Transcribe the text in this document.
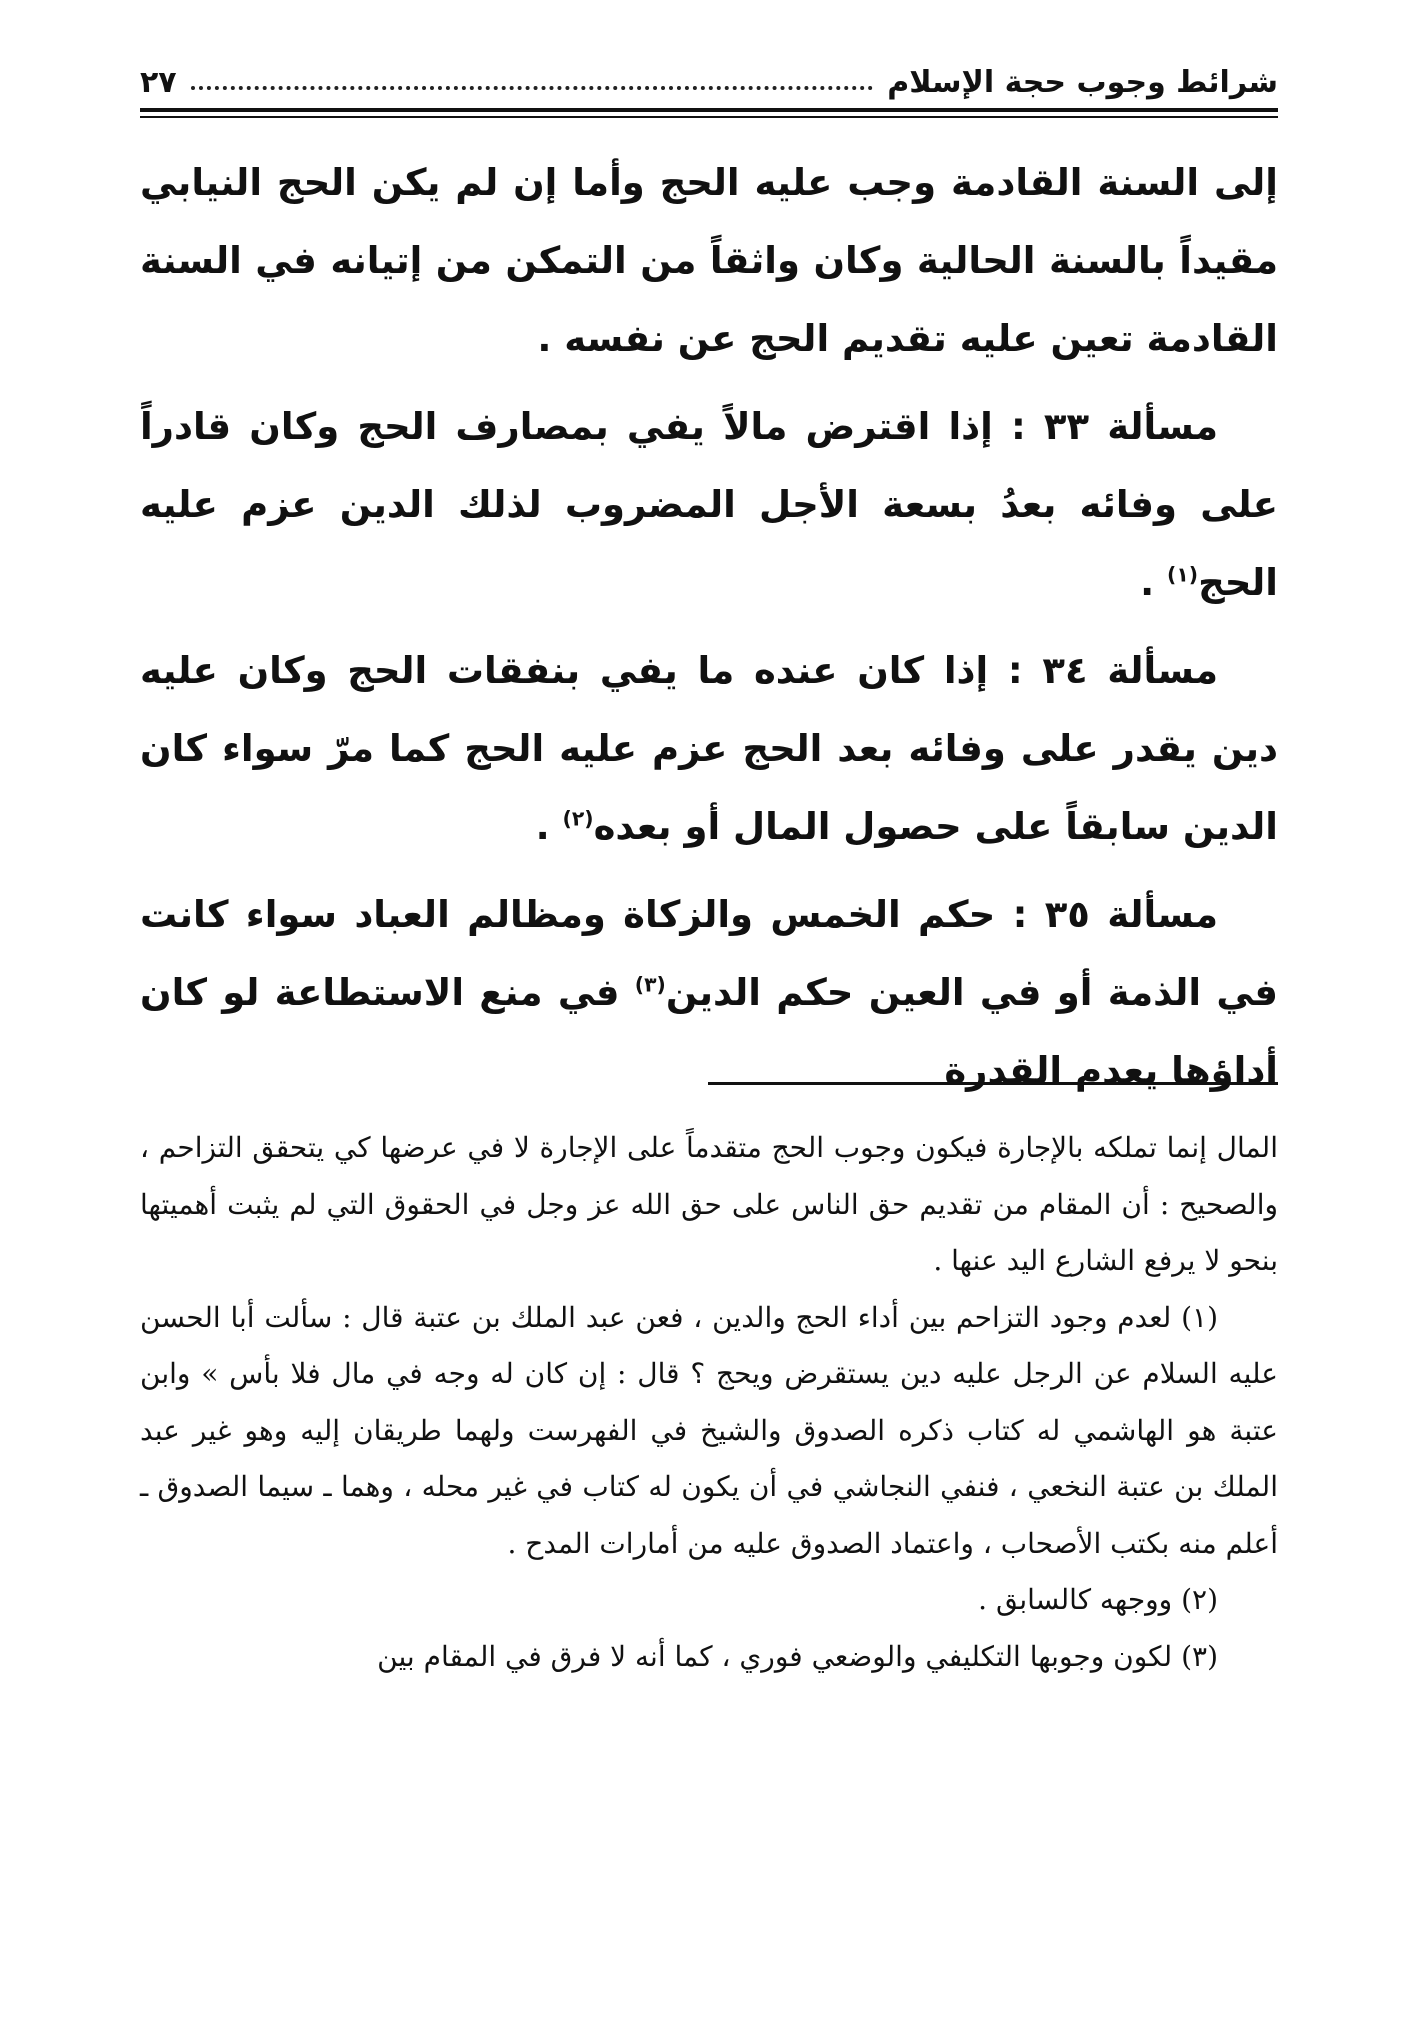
شرائط وجوب حجة الإسلام
٢٧

إلى السنة القادمة وجب عليه الحج وأما إن لم يكن الحج النيابي مقيداً بالسنة الحالية وكان واثقاً من التمكن من إتيانه في السنة القادمة تعين عليه تقديم الحج عن نفسه .

مسألة ٣٣ : إذا اقترض مالاً يفي بمصارف الحج وكان قادراً على وفائه بعدُ بسعة الأجل المضروب لذلك الدين عزم عليه الحج$^{(١)}$ .

مسألة ٣٤ : إذا كان عنده ما يفي بنفقات الحج وكان عليه دين يقدر على وفائه بعد الحج عزم عليه الحج كما مرّ سواء كان الدين سابقاً على حصول المال أو بعده$^{(٢)}$ .

مسألة ٣٥ : حكم الخمس والزكاة ومظالم العباد سواء كانت في الذمة أو في العين حكم الدين$^{(٣)}$ في منع الاستطاعة لو كان أداؤها يعدم القدرة

المال إنما تملكه بالإجارة فيكون وجوب الحج متقدماً على الإجارة لا في عرضها كي يتحقق التزاحم ، والصحيح : أن المقام من تقديم حق الناس على حق الله عز وجل في الحقوق التي لم يثبت أهميتها بنحو لا يرفع الشارع اليد عنها .

(١) لعدم وجود التزاحم بين أداء الحج والدين ، فعن عبد الملك بن عتبة قال : سألت أبا الحسن عليه السلام عن الرجل عليه دين يستقرض ويحج ؟ قال : إن كان له وجه في مال فلا بأس » وابن عتبة هو الهاشمي له كتاب ذكره الصدوق والشيخ في الفهرست ولهما طريقان إليه وهو غير عبد الملك بن عتبة النخعي ، فنفي النجاشي في أن يكون له كتاب في غير محله ، وهما ـ سيما الصدوق ـ أعلم منه بكتب الأصحاب ، واعتماد الصدوق عليه من أمارات المدح .

(٢) ووجهه كالسابق .

(٣) لكون وجوبها التكليفي والوضعي فوري ، كما أنه لا فرق في المقام بين
